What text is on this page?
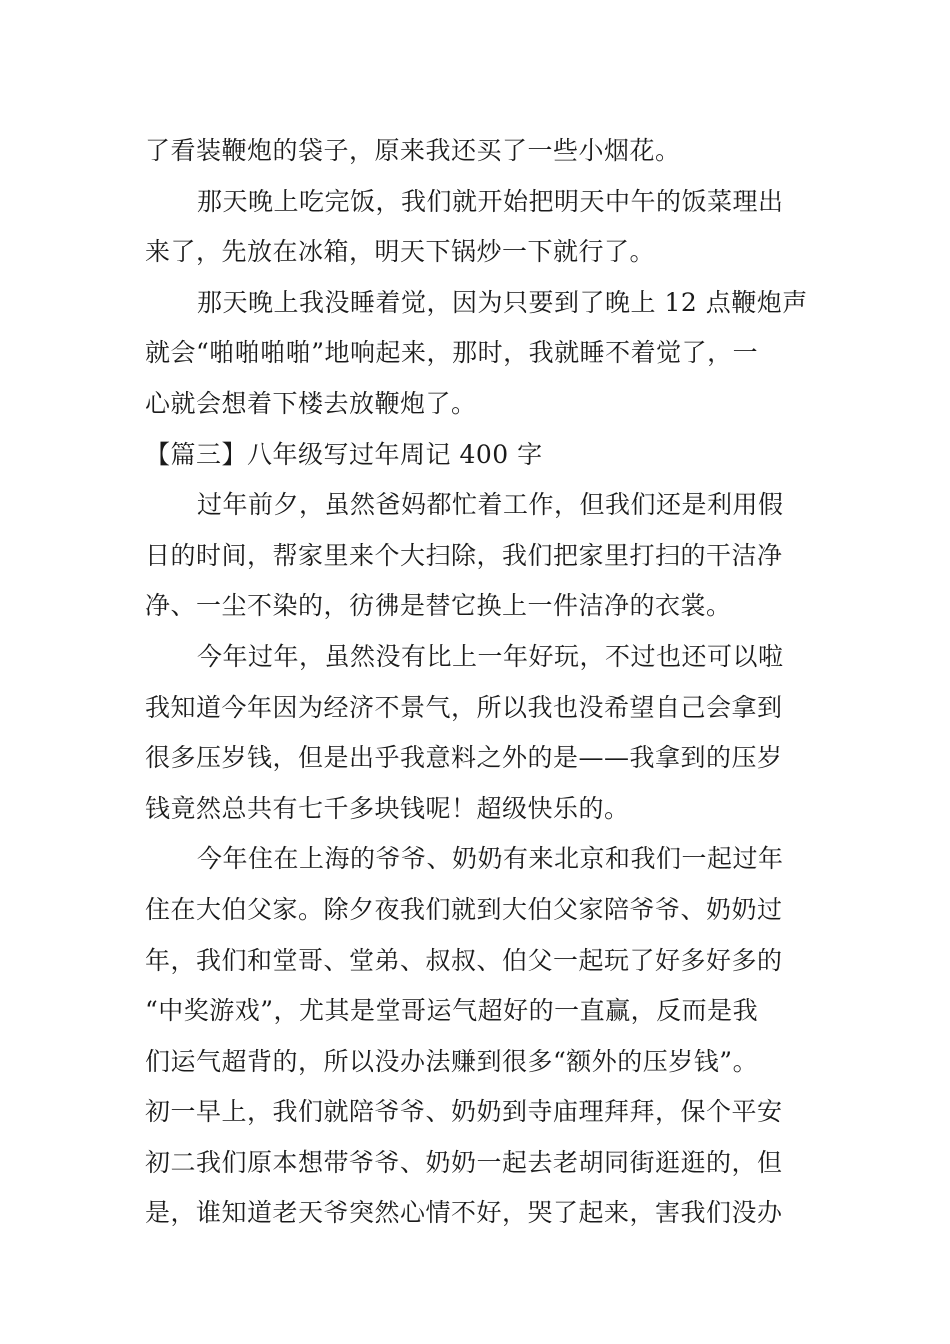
了看装鞭炮的袋子，原来我还买了一些小烟花。
那天晚上吃完饭，我们就开始把明天中午的饭菜理出
来了，先放在冰箱，明天下锅炒一下就行了。
那天晚上我没睡着觉，因为只要到了晚上 12 点鞭炮声
就会“啪啪啪啪”地响起来，那时，我就睡不着觉了，一
心就会想着下楼去放鞭炮了。
【篇三】八年级写过年周记 400 字
过年前夕，虽然爸妈都忙着工作，但我们还是利用假
日的时间，帮家里来个大扫除，我们把家里打扫的干洁净
净、一尘不染的，彷彿是替它换上一件洁净的衣裳。
今年过年，虽然没有比上一年好玩，不过也还可以啦
我知道今年因为经济不景气，所以我也没希望自己会拿到
很多压岁钱，但是出乎我意料之外的是——我拿到的压岁
钱竟然总共有七千多块钱呢！超级快乐的。
今年住在上海的爷爷、奶奶有来北京和我们一起过年
住在大伯父家。除夕夜我们就到大伯父家陪爷爷、奶奶过
年，我们和堂哥、堂弟、叔叔、伯父一起玩了好多好多的
“中奖游戏”，尤其是堂哥运气超好的一直赢，反而是我
们运气超背的，所以没办法赚到很多“额外的压岁钱”。
初一早上，我们就陪爷爷、奶奶到寺庙理拜拜，保个平安
初二我们原本想带爷爷、奶奶一起去老胡同街逛逛的，但
是，谁知道老天爷突然心情不好，哭了起来，害我们没办
